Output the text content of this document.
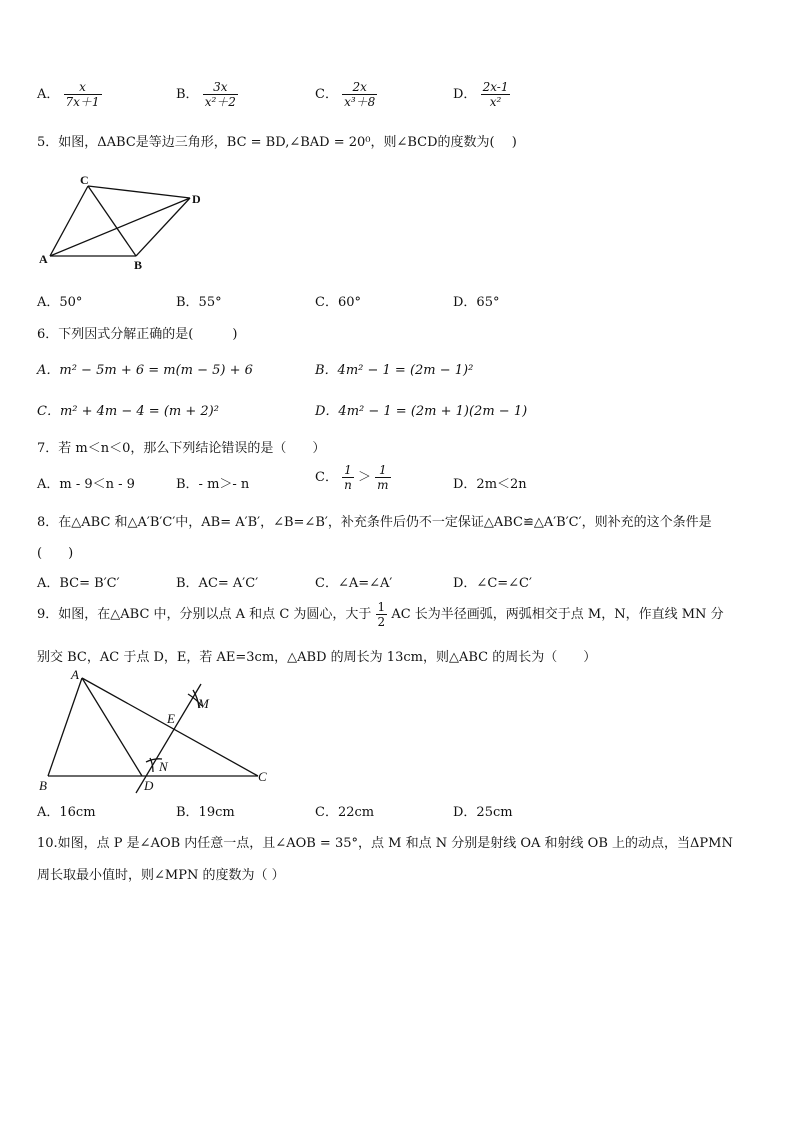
A． $\frac{x}{7x+1}$	B． $\frac{3x}{\text{x²＋2}}$	C． $\frac{2x}{\text{x³＋8}}$	D． $\frac{2x-1}{\text{x²}}$
5．如图，ΔABC是等边三角形，BC = BD,∠BAD = 20⁰，则∠BCD的度数为(　 )
C
D
A	B
A．50°	B．55°	C．60°	D．65°
6．下列因式分解正确的是(　　　)
A．m² − 5m + 6 = m(m − 5) + 6	B．4m² − 1 = (2m − 1)²
C．m² + 4m − 4 = (m + 2)²	D．4m² − 1 = (2m + 1)(2m − 1)
7．若 m＜n＜0，那么下列结论错误的是（　　）
A．m - 9＜n - 9	B．- m＞- n	C． $\frac{1}{n} > \frac{1}{m}$	D．2m＜2n
8．在△ABC 和△A′B′C′中，AB= A′B′，∠B=∠B′，补充条件后仍不一定保证△ABC≌△A′B′C′，则补充的这个条件是
(　　)
A．BC= B′C′	B．AC= A′C′	C．∠A=∠A′	D．∠C=∠C′
9．如图，在△ABC 中，分别以点 A 和点 C 为圆心，大于 $\frac{1}{2}$ AC 长为半径画弧，两弧相交于点 M，N，作直线 MN 分
别交 BC，AC 于点 D，E，若 AE=3cm，△ABD 的周长为 13cm，则△ABC 的周长为（　　）
A
M
E
N
B	D
C
A．16cm	B．19cm	C．22cm	D．25cm
10.如图，点 P 是∠AOB 内任意一点，且∠AOB = 35°，点 M 和点 N 分别是射线 OA 和射线 OB 上的动点，当ΔPMN
周长取最小值时，则∠MPN 的度数为（ ）
